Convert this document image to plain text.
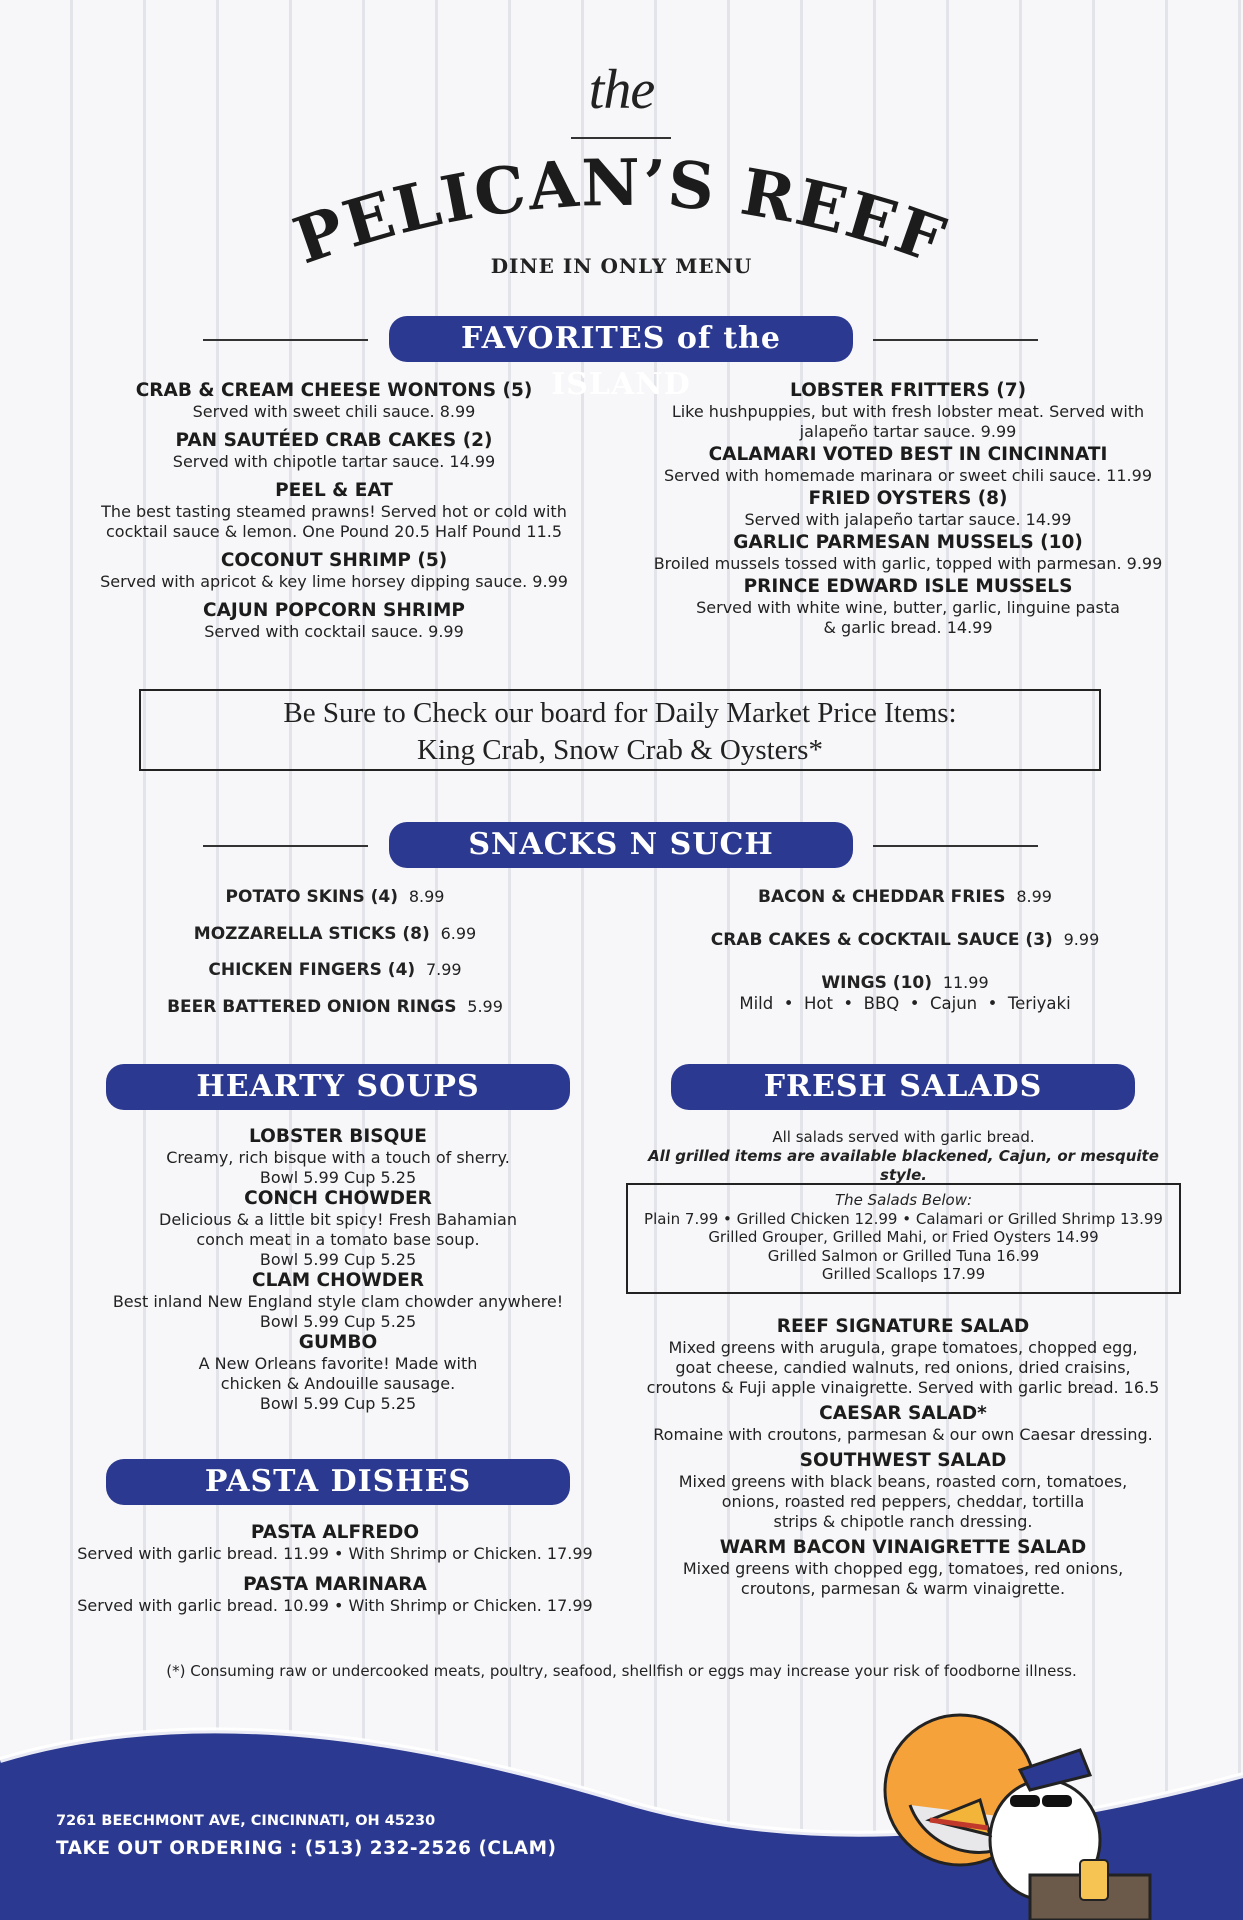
the
PELICAN’S REEF
DINE IN ONLY MENU
FAVORITES of the ISLAND
CRAB & CREAM CHEESE WONTONS (5)
Served with sweet chili sauce. 8.99
PAN SAUTÉED CRAB CAKES (2)
Served with chipotle tartar sauce. 14.99
PEEL & EAT
The best tasting steamed prawns! Served hot or cold with
cocktail sauce & lemon. One Pound 20.5 Half Pound 11.5
COCONUT SHRIMP (5)
Served with apricot & key lime horsey dipping sauce. 9.99
CAJUN POPCORN SHRIMP
Served with cocktail sauce. 9.99
LOBSTER FRITTERS (7)
Like hushpuppies, but with fresh lobster meat. Served with
jalapeño tartar sauce. 9.99
CALAMARI VOTED BEST IN CINCINNATI
Served with homemade marinara or sweet chili sauce. 11.99
FRIED OYSTERS (8)
Served with jalapeño tartar sauce. 14.99
GARLIC PARMESAN MUSSELS (10)
Broiled mussels tossed with garlic, topped with parmesan. 9.99
PRINCE EDWARD ISLE MUSSELS
Served with white wine, butter, garlic, linguine pasta
& garlic bread. 14.99
Be Sure to Check our board for Daily Market Price Items:
King Crab, Snow Crab & Oysters*
SNACKS N SUCH
POTATO SKINS (4) 8.99
MOZZARELLA STICKS (8) 6.99
CHICKEN FINGERS (4) 7.99
BEER BATTERED ONION RINGS 5.99
BACON & CHEDDAR FRIES 8.99
CRAB CAKES & COCKTAIL SAUCE (3) 9.99
WINGS (10) 11.99
Mild  •  Hot  •  BBQ  •  Cajun  •  Teriyaki
HEARTY SOUPS
LOBSTER BISQUE
Creamy, rich bisque with a touch of sherry.
Bowl 5.99 Cup 5.25
CONCH CHOWDER
Delicious & a little bit spicy! Fresh Bahamian
conch meat in a tomato base soup.
Bowl 5.99 Cup 5.25
CLAM CHOWDER
Best inland New England style clam chowder anywhere!
Bowl 5.99 Cup 5.25
GUMBO
A New Orleans favorite! Made with
chicken & Andouille sausage.
Bowl 5.99 Cup 5.25
PASTA DISHES
PASTA ALFREDO
Served with garlic bread. 11.99 • With Shrimp or Chicken. 17.99
PASTA MARINARA
Served with garlic bread. 10.99 • With Shrimp or Chicken. 17.99
FRESH SALADS
All salads served with garlic bread.
All grilled items are available blackened, Cajun, or mesquite style.
The Salads Below:
Plain 7.99 • Grilled Chicken 12.99 • Calamari or Grilled Shrimp 13.99
Grilled Grouper, Grilled Mahi, or Fried Oysters 14.99
Grilled Salmon or Grilled Tuna 16.99
Grilled Scallops 17.99
REEF SIGNATURE SALAD
Mixed greens with arugula, grape tomatoes, chopped egg,
goat cheese, candied walnuts, red onions, dried craisins,
croutons & Fuji apple vinaigrette. Served with garlic bread. 16.5
CAESAR SALAD*
Romaine with croutons, parmesan & our own Caesar dressing.
SOUTHWEST SALAD
Mixed greens with black beans, roasted corn, tomatoes,
onions, roasted red peppers, cheddar, tortilla
strips & chipotle ranch dressing.
WARM BACON VINAIGRETTE SALAD
Mixed greens with chopped egg, tomatoes, red onions,
croutons, parmesan & warm vinaigrette.
(*) Consuming raw or undercooked meats, poultry, seafood, shellfish or eggs may increase your risk of foodborne illness.
7261 BEECHMONT AVE, CINCINNATI, OH 45230
TAKE OUT ORDERING : (513) 232-2526 (CLAM)
